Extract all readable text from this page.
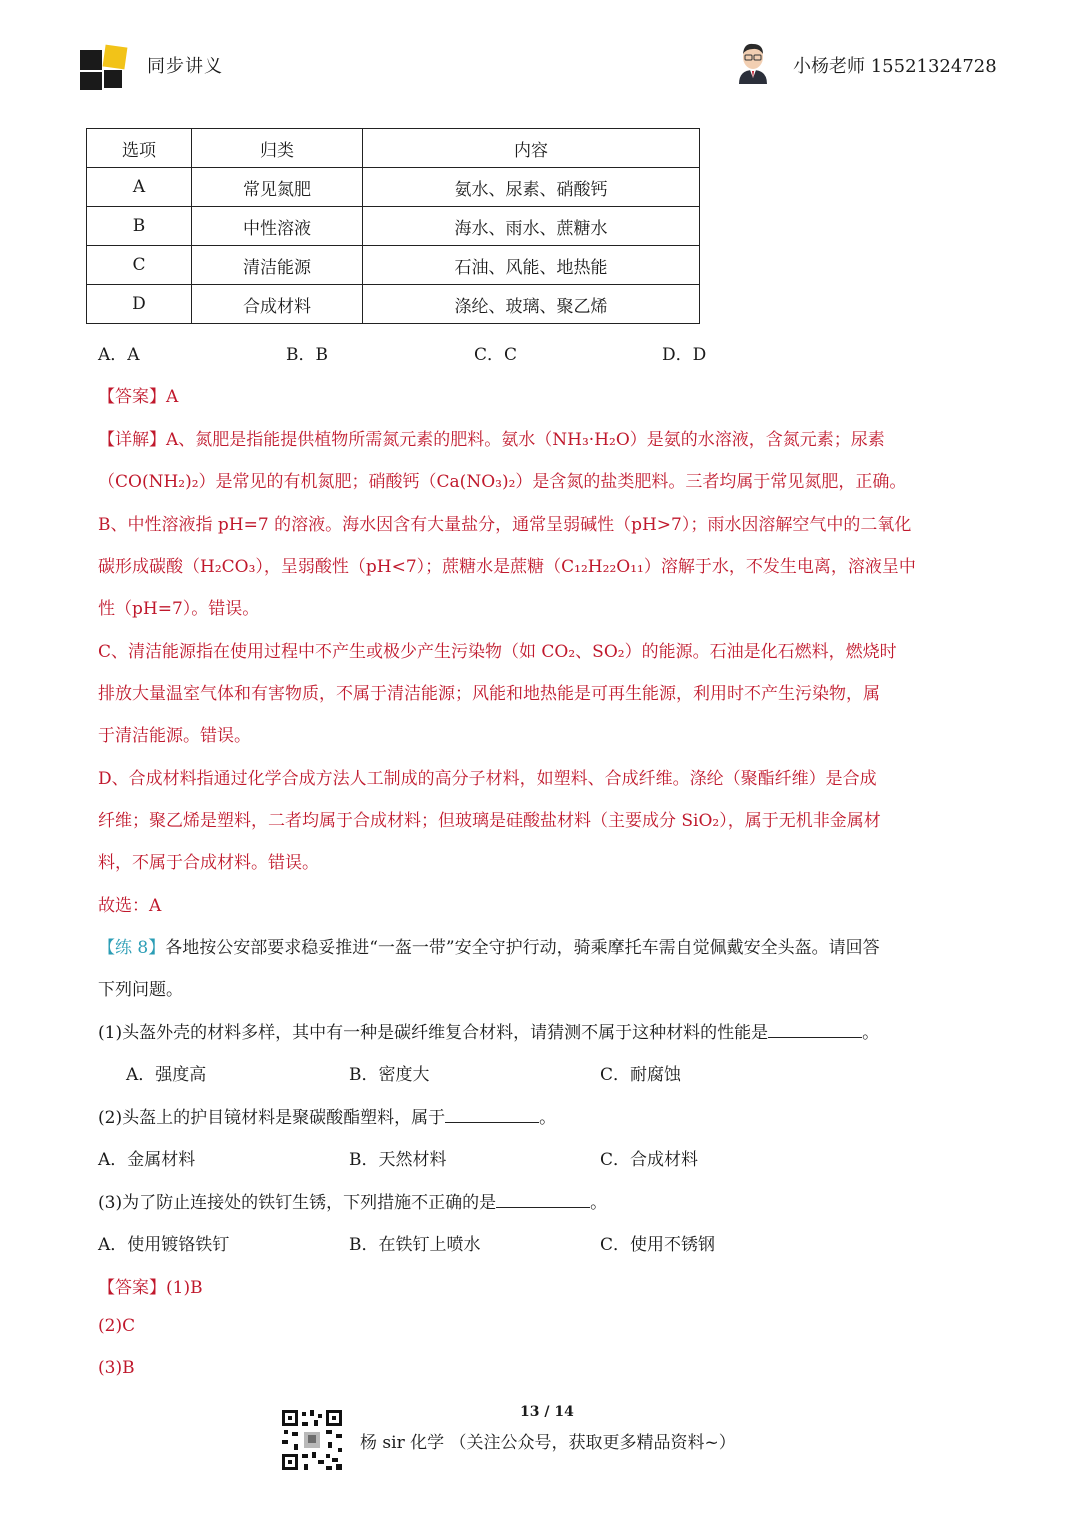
同步讲义	小杨老师 15521324728
选项	归类	内容
A	常见氮肥	氨水、尿素、硝酸钙
B	中性溶液	海水、雨水、蔗糖水
C	清洁能源	石油、风能、地热能
D	合成材料	涤纶、玻璃、聚乙烯
A．A	B．B	C．C	D．D
【答案】A
【详解】A、氮肥是指能提供植物所需氮元素的肥料。氨水（NH₃·H₂O）是氨的水溶液，含氮元素；尿素
（CO(NH₂)₂）是常见的有机氮肥；硝酸钙（Ca(NO₃)₂）是含氮的盐类肥料。三者均属于常见氮肥，正确。
B、中性溶液指 pH=7 的溶液。海水因含有大量盐分，通常呈弱碱性（pH>7）；雨水因溶解空气中的二氧化
碳形成碳酸（H₂CO₃），呈弱酸性（pH<7）；蔗糖水是蔗糖（C₁₂H₂₂O₁₁）溶解于水，不发生电离，溶液呈中
性（pH=7）。错误。
C、清洁能源指在使用过程中不产生或极少产生污染物（如 CO₂、SO₂）的能源。石油是化石燃料，燃烧时
排放大量温室气体和有害物质，不属于清洁能源；风能和地热能是可再生能源，利用时不产生污染物，属
于清洁能源。错误。
D、合成材料指通过化学合成方法人工制成的高分子材料，如塑料、合成纤维。涤纶（聚酯纤维）是合成
纤维；聚乙烯是塑料，二者均属于合成材料；但玻璃是硅酸盐材料（主要成分 SiO₂），属于无机非金属材
料，不属于合成材料。错误。
故选：A
【练 8】各地按公安部要求稳妥推进“一盔一带”安全守护行动，骑乘摩托车需自觉佩戴安全头盔。请回答
下列问题。
(1)头盔外壳的材料多样，其中有一种是碳纤维复合材料，请猜测不属于这种材料的性能是	。
A．强度高	B．密度大	C．耐腐蚀
(2)头盔上的护目镜材料是聚碳酸酯塑料，属于	。
A．金属材料	B．天然材料	C．合成材料
(3)为了防止连接处的铁钉生锈，下列措施不正确的是	。
A．使用镀铬铁钉	B．在铁钉上喷水	C．使用不锈钢
【答案】(1)B
(2)C
(3)B
13 / 14
杨 sir 化学 （关注公众号，获取更多精品资料~）
